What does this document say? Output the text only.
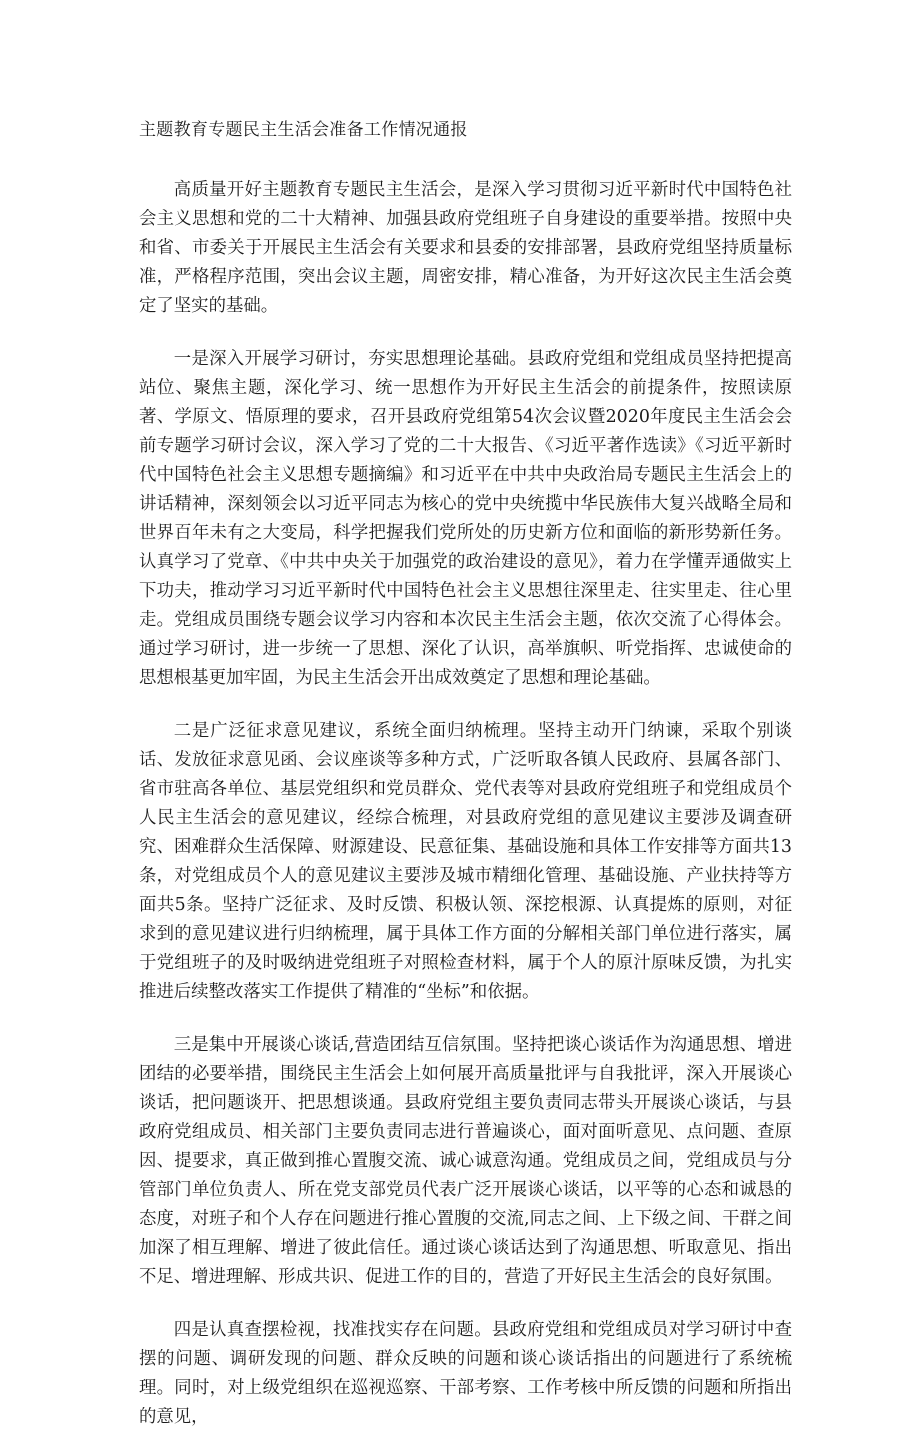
主题教育专题民主生活会准备工作情况通报

高质量开好主题教育专题民主生活会，是深入学习贯彻习近平新时代中国特色社会主义思想和党的二十大精神、加强县政府党组班子自身建设的重要举措。按照中央和省、市委关于开展民主生活会有关要求和县委的安排部署，县政府党组坚持质量标准，严格程序范围，突出会议主题，周密安排，精心准备，为开好这次民主生活会奠定了坚实的基础。

一是深入开展学习研讨，夯实思想理论基础。县政府党组和党组成员坚持把提高站位、聚焦主题，深化学习、统一思想作为开好民主生活会的前提条件，按照读原著、学原文、悟原理的要求，召开县政府党组第54次会议暨2020年度民主生活会会前专题学习研讨会议，深入学习了党的二十大报告、《习近平著作选读》《习近平新时代中国特色社会主义思想专题摘编》和习近平在中共中央政治局专题民主生活会上的讲话精神，深刻领会以习近平同志为核心的党中央统揽中华民族伟大复兴战略全局和世界百年未有之大变局，科学把握我们党所处的历史新方位和面临的新形势新任务。认真学习了党章、《中共中央关于加强党的政治建设的意见》，着力在学懂弄通做实上下功夫，推动学习习近平新时代中国特色社会主义思想往深里走、往实里走、往心里走。党组成员围绕专题会议学习内容和本次民主生活会主题，依次交流了心得体会。通过学习研讨，进一步统一了思想、深化了认识，高举旗帜、听党指挥、忠诚使命的思想根基更加牢固，为民主生活会开出成效奠定了思想和理论基础。

二是广泛征求意见建议，系统全面归纳梳理。坚持主动开门纳谏，采取个别谈话、发放征求意见函、会议座谈等多种方式，广泛听取各镇人民政府、县属各部门、省市驻高各单位、基层党组织和党员群众、党代表等对县政府党组班子和党组成员个人民主生活会的意见建议，经综合梳理，对县政府党组的意见建议主要涉及调查研究、困难群众生活保障、财源建设、民意征集、基础设施和具体工作安排等方面共13条，对党组成员个人的意见建议主要涉及城市精细化管理、基础设施、产业扶持等方面共5条。坚持广泛征求、及时反馈、积极认领、深挖根源、认真提炼的原则，对征求到的意见建议进行归纳梳理，属于具体工作方面的分解相关部门单位进行落实，属于党组班子的及时吸纳进党组班子对照检查材料，属于个人的原汁原味反馈，为扎实推进后续整改落实工作提供了精准的“坐标”和依据。

三是集中开展谈心谈话,营造团结互信氛围。坚持把谈心谈话作为沟通思想、增进团结的必要举措，围绕民主生活会上如何展开高质量批评与自我批评，深入开展谈心谈话，把问题谈开、把思想谈通。县政府党组主要负责同志带头开展谈心谈话，与县政府党组成员、相关部门主要负责同志进行普遍谈心，面对面听意见、点问题、查原因、提要求，真正做到推心置腹交流、诚心诚意沟通。党组成员之间，党组成员与分管部门单位负责人、所在党支部党员代表广泛开展谈心谈话，以平等的心态和诚恳的态度，对班子和个人存在问题进行推心置腹的交流,同志之间、上下级之间、干群之间加深了相互理解、增进了彼此信任。通过谈心谈话达到了沟通思想、听取意见、指出不足、增进理解、形成共识、促进工作的目的，营造了开好民主生活会的良好氛围。

四是认真查摆检视，找准找实存在问题。县政府党组和党组成员对学习研讨中查摆的问题、调研发现的问题、群众反映的问题和谈心谈话指出的问题进行了系统梳理。同时，对上级党组织在巡视巡察、干部考察、工作考核中所反馈的问题和所指出的意见，
